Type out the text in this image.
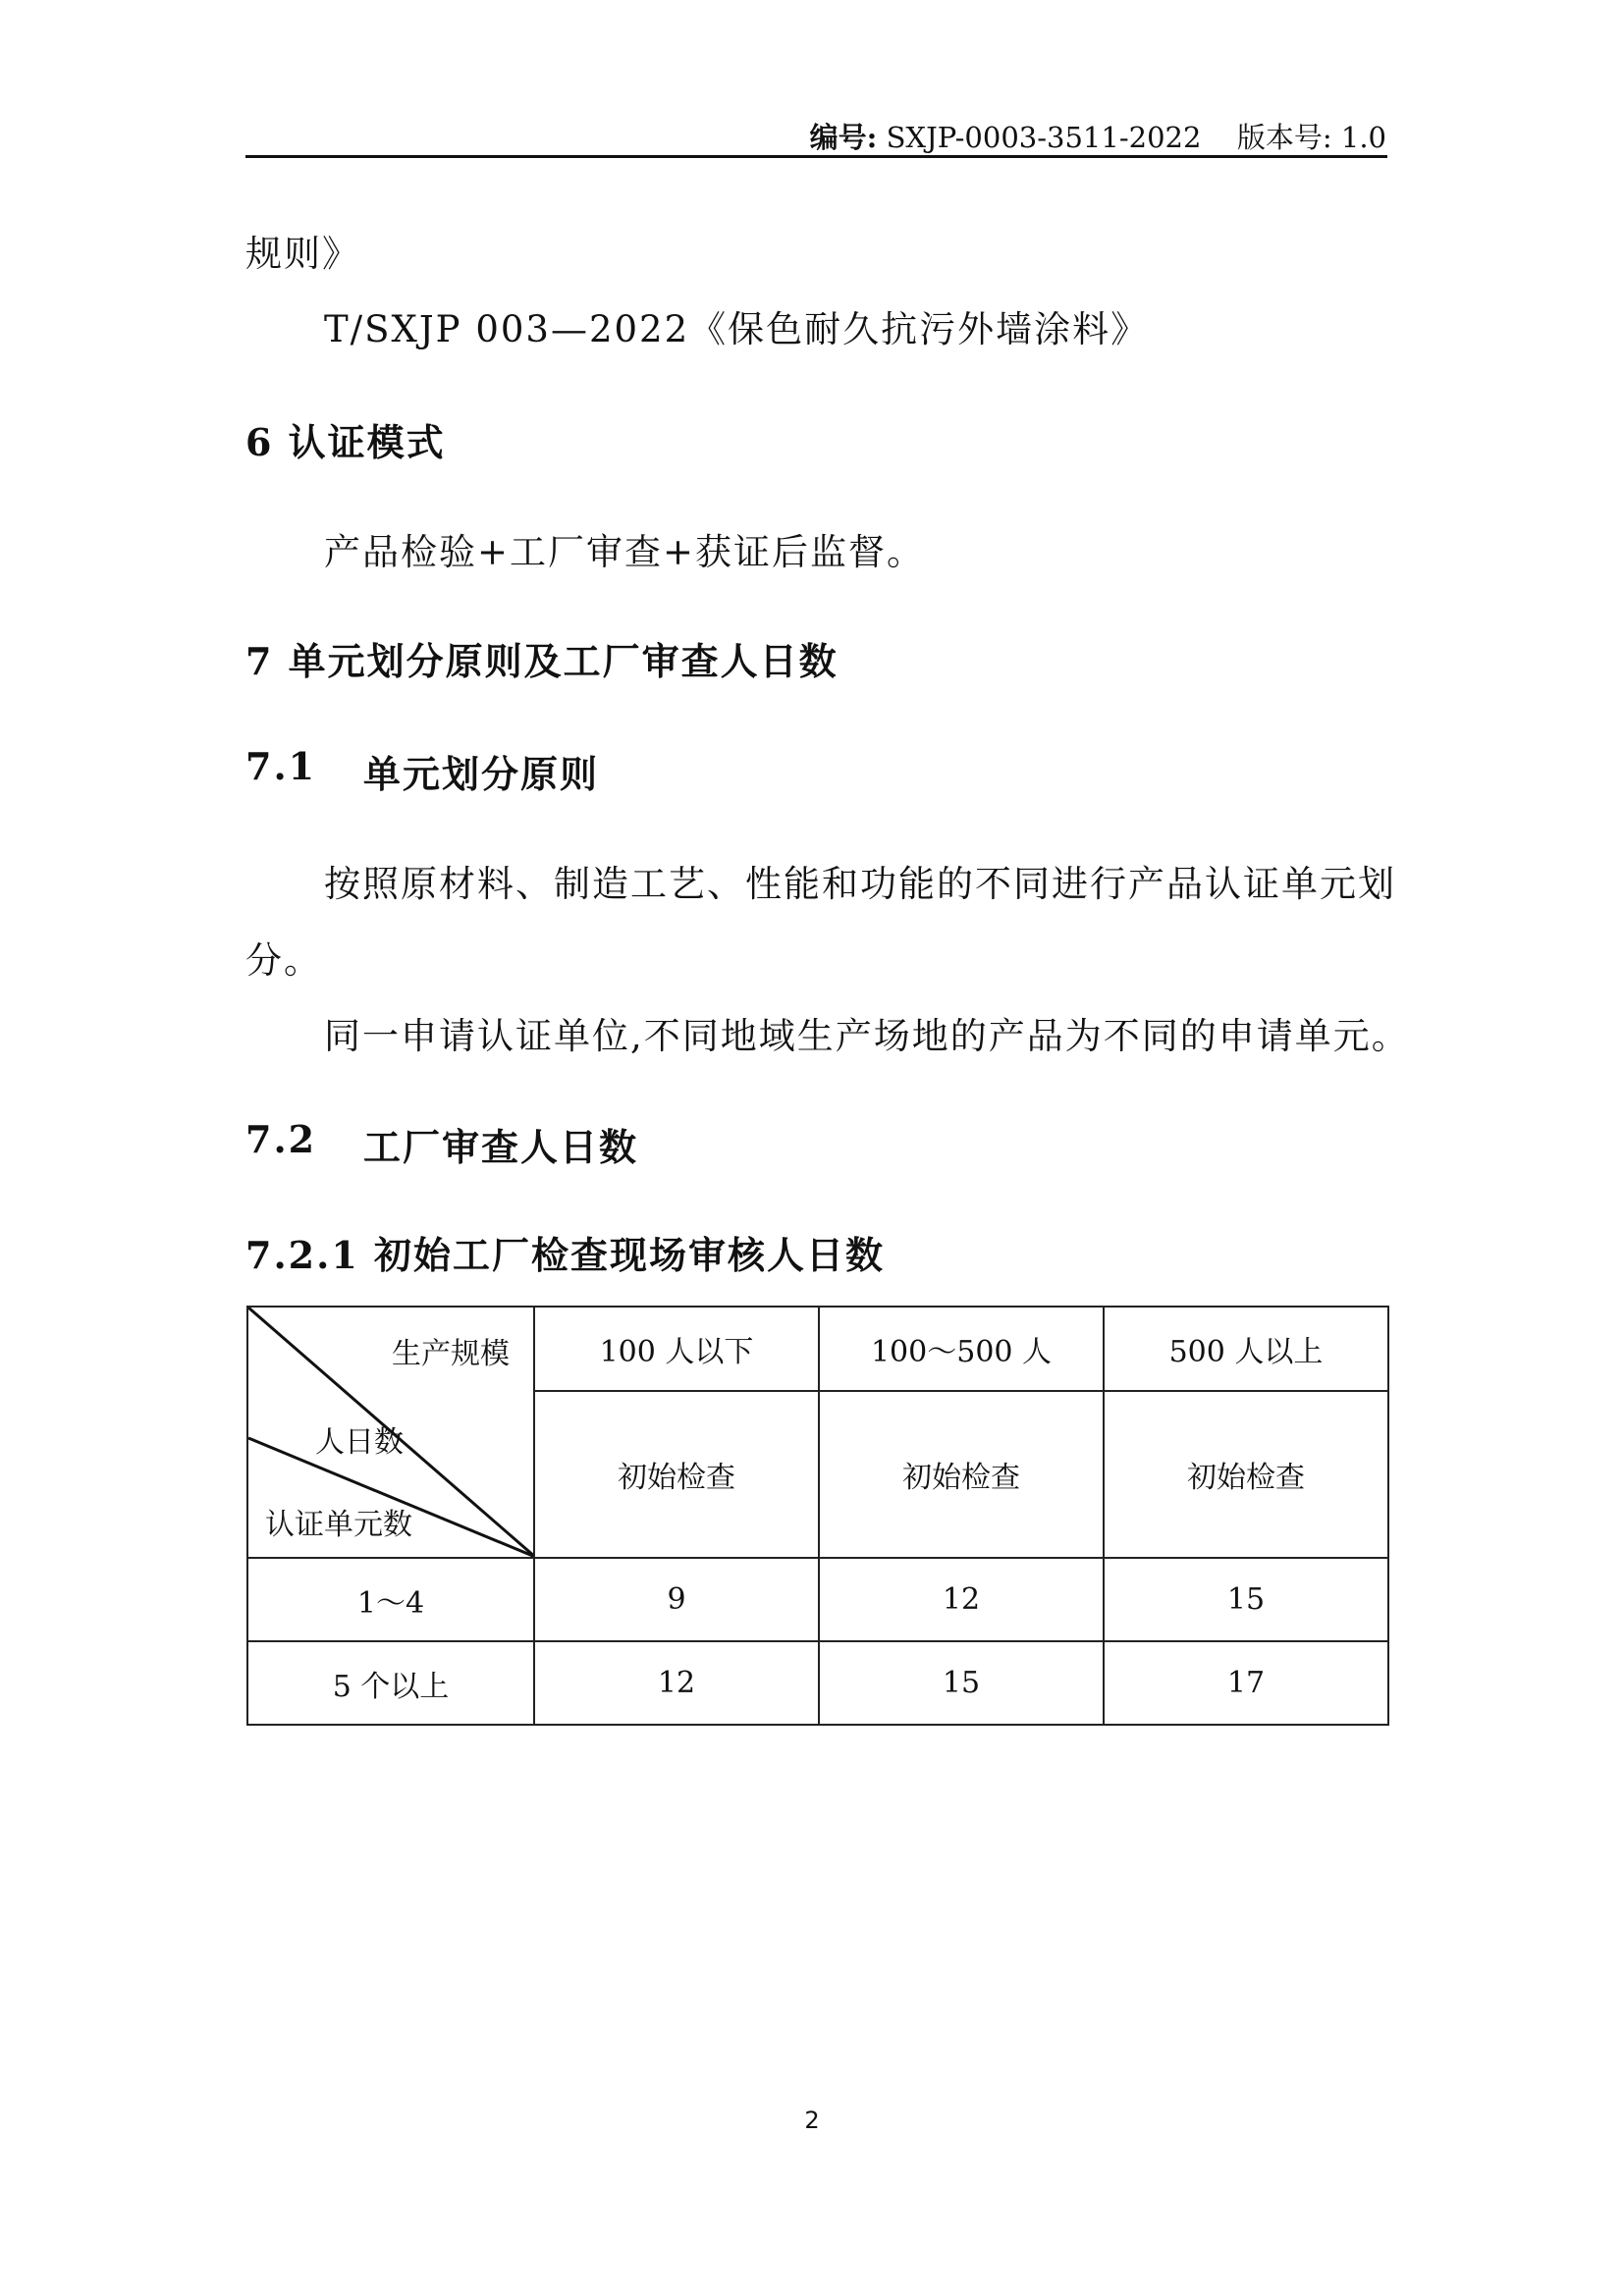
编号: SXJP-0003-3511-2022 版本号: 1.0
规则》
T/SXJP 003—2022《保色耐久抗污外墙涂料》
6 认证模式
产品检验+工厂审查+获证后监督。
7 单元划分原则及工厂审查人日数
7.1 单元划分原则
按照原材料、制造工艺、性能和功能的不同进行产品认证单元划
分。
同一申请认证单位,不同地域生产场地的产品为不同的申请单元。
7.2 工厂审查人日数
7.2.1 初始工厂检查现场审核人日数
生产规模
人日数
认证单元数	100 人以下	100～500 人	500 人以上
	初始检查	初始检查	初始检查
1～4	9	12	15
5 个以上	12	15	17
2
